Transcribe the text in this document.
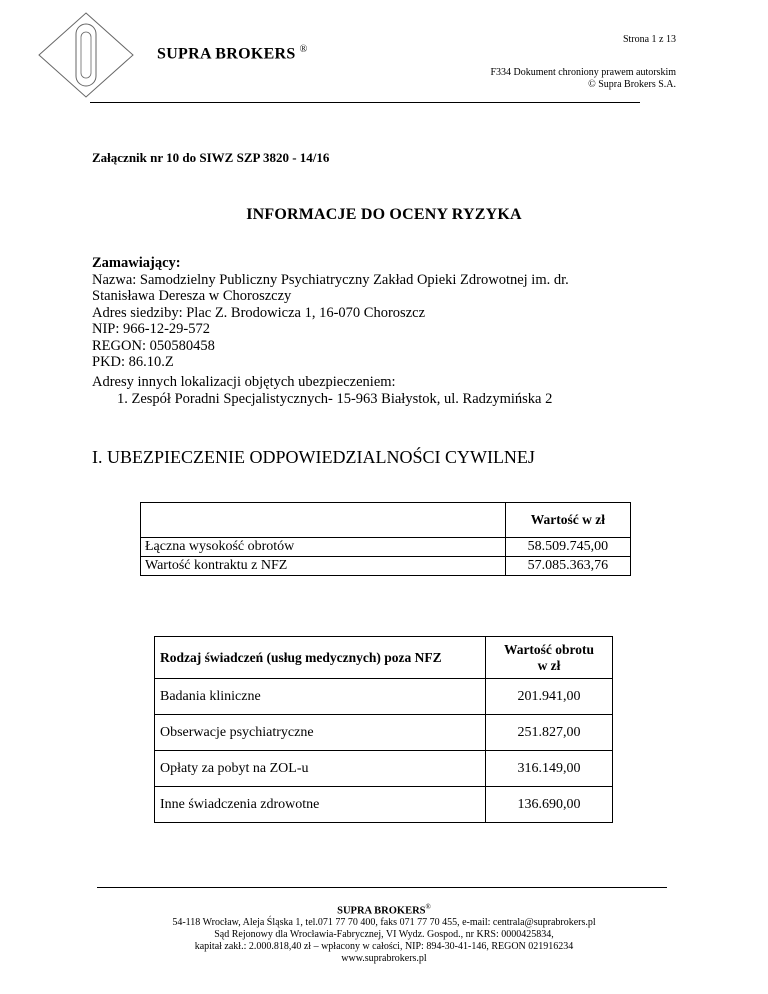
SUPRA BROKERS ®
Strona 1 z 13
F334 Dokument chroniony prawem autorskim
© Supra Brokers S.A.
Załącznik nr 10 do SIWZ SZP 3820 - 14/16
INFORMACJE DO OCENY RYZYKA
Zamawiający:
Nazwa: Samodzielny Publiczny Psychiatryczny Zakład Opieki Zdrowotnej im. dr.
Stanisława Deresza w Choroszczy
Adres siedziby: Plac Z. Brodowicza 1, 16-070 Choroszcz
NIP: 966-12-29-572
REGON: 050580458
PKD: 86.10.Z
Adresy innych lokalizacji objętych ubezpieczeniem:
1. Zespół Poradni Specjalistycznych- 15-963 Białystok, ul. Radzymińska 2
I. UBEZPIECZENIE ODPOWIEDZIALNOŚCI CYWILNEJ
	Wartość w zł
Łączna wysokość obrotów	58.509.745,00
Wartość kontraktu z NFZ	57.085.363,76
Rodzaj świadczeń (usług medycznych) poza NFZ	Wartość obrotu
w zł
Badania kliniczne	201.941,00
Obserwacje psychiatryczne	251.827,00
Opłaty za pobyt na ZOL-u	316.149,00
Inne świadczenia zdrowotne	136.690,00
SUPRA BROKERS®
54-118 Wrocław, Aleja Śląska 1, tel.071 77 70 400, faks 071 77 70 455, e-mail: centrala@suprabrokers.pl
Sąd Rejonowy dla Wrocławia-Fabrycznej, VI Wydz. Gospod., nr KRS: 0000425834,
kapitał zakł.: 2.000.818,40 zł – wpłacony w całości, NIP: 894-30-41-146, REGON 021916234
www.suprabrokers.pl
